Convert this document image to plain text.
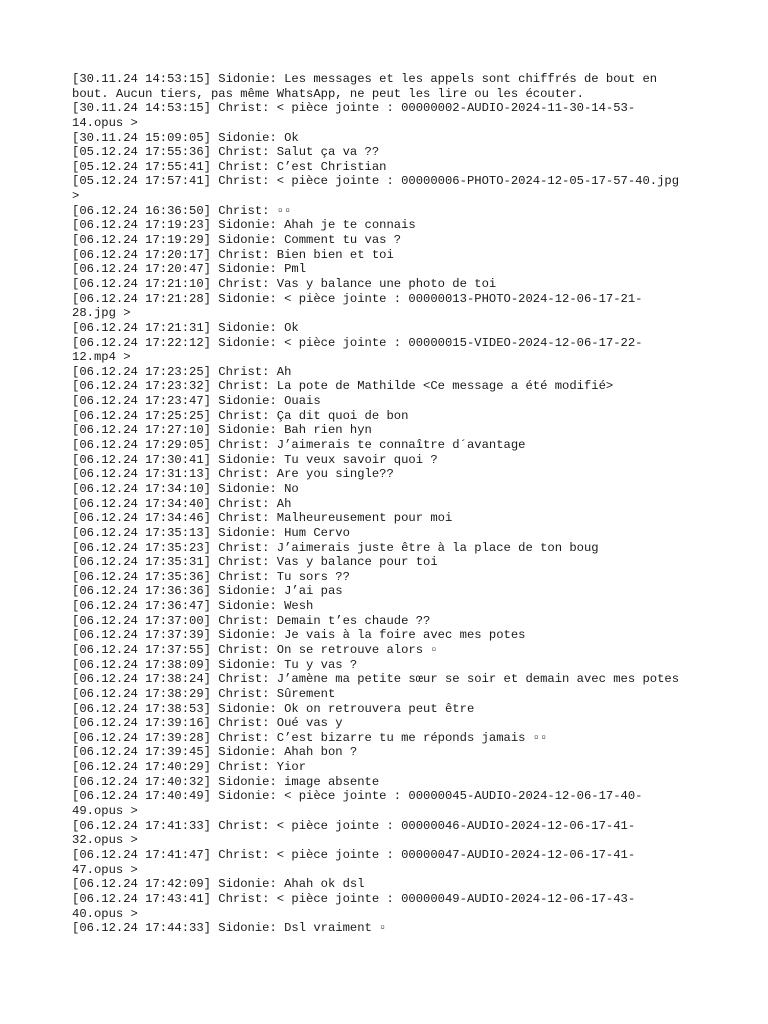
[30.11.24 14:53:15] Sidonie: Les messages et les appels sont chiffrés de bout en
bout. Aucun tiers, pas même WhatsApp, ne peut les lire ou les écouter.
[30.11.24 14:53:15] Christ: < pièce jointe : 00000002-AUDIO-2024-11-30-14-53-
14.opus >
[30.11.24 15:09:05] Sidonie: Ok
[05.12.24 17:55:36] Christ: Salut ça va ??
[05.12.24 17:55:41] Christ: C’est Christian
[05.12.24 17:57:41] Christ: < pièce jointe : 00000006-PHOTO-2024-12-05-17-57-40.jpg
>
[06.12.24 16:36:50] Christ: ▫▫
[06.12.24 17:19:23] Sidonie: Ahah je te connais
[06.12.24 17:19:29] Sidonie: Comment tu vas ?
[06.12.24 17:20:17] Christ: Bien bien et toi
[06.12.24 17:20:47] Sidonie: Pml
[06.12.24 17:21:10] Christ: Vas y balance une photo de toi
[06.12.24 17:21:28] Sidonie: < pièce jointe : 00000013-PHOTO-2024-12-06-17-21-
28.jpg >
[06.12.24 17:21:31] Sidonie: Ok
[06.12.24 17:22:12] Sidonie: < pièce jointe : 00000015-VIDEO-2024-12-06-17-22-
12.mp4 >
[06.12.24 17:23:25] Christ: Ah
[06.12.24 17:23:32] Christ: La pote de Mathilde <Ce message a été modifié>
[06.12.24 17:23:47] Sidonie: Ouais
[06.12.24 17:25:25] Christ: Ça dit quoi de bon
[06.12.24 17:27:10] Sidonie: Bah rien hyn
[06.12.24 17:29:05] Christ: J’aimerais te connaître d´avantage
[06.12.24 17:30:41] Sidonie: Tu veux savoir quoi ?
[06.12.24 17:31:13] Christ: Are you single??
[06.12.24 17:34:10] Sidonie: No
[06.12.24 17:34:40] Christ: Ah
[06.12.24 17:34:46] Christ: Malheureusement pour moi
[06.12.24 17:35:13] Sidonie: Hum Cervo
[06.12.24 17:35:23] Christ: J’aimerais juste être à la place de ton boug
[06.12.24 17:35:31] Christ: Vas y balance pour toi
[06.12.24 17:35:36] Christ: Tu sors ??
[06.12.24 17:36:36] Sidonie: J’ai pas
[06.12.24 17:36:47] Sidonie: Wesh
[06.12.24 17:37:00] Christ: Demain t’es chaude ??
[06.12.24 17:37:39] Sidonie: Je vais à la foire avec mes potes
[06.12.24 17:37:55] Christ: On se retrouve alors ▫
[06.12.24 17:38:09] Sidonie: Tu y vas ?
[06.12.24 17:38:24] Christ: J’amène ma petite sœur se soir et demain avec mes potes
[06.12.24 17:38:29] Christ: Sûrement
[06.12.24 17:38:53] Sidonie: Ok on retrouvera peut être
[06.12.24 17:39:16] Christ: Oué vas y
[06.12.24 17:39:28] Christ: C’est bizarre tu me réponds jamais ▫▫
[06.12.24 17:39:45] Sidonie: Ahah bon ?
[06.12.24 17:40:29] Christ: Yior
[06.12.24 17:40:32] Sidonie: image absente
[06.12.24 17:40:49] Sidonie: < pièce jointe : 00000045-AUDIO-2024-12-06-17-40-
49.opus >
[06.12.24 17:41:33] Christ: < pièce jointe : 00000046-AUDIO-2024-12-06-17-41-
32.opus >
[06.12.24 17:41:47] Christ: < pièce jointe : 00000047-AUDIO-2024-12-06-17-41-
47.opus >
[06.12.24 17:42:09] Sidonie: Ahah ok dsl
[06.12.24 17:43:41] Christ: < pièce jointe : 00000049-AUDIO-2024-12-06-17-43-
40.opus >
[06.12.24 17:44:33] Sidonie: Dsl vraiment ▫
